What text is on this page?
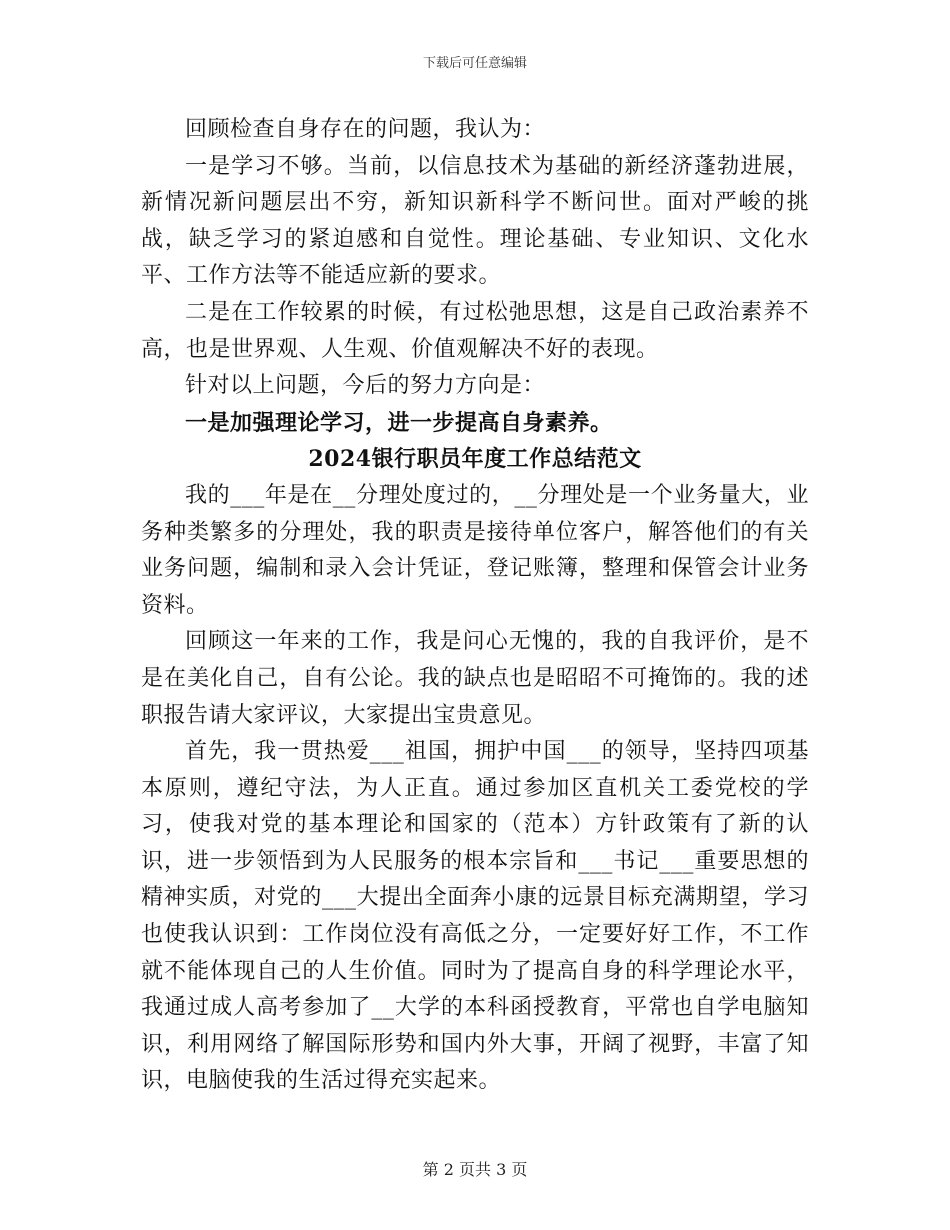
下载后可任意编辑

回顾检查自身存在的问题，我认为：

一是学习不够。当前，以信息技术为基础的新经济蓬勃进展，新情况新问题层出不穷，新知识新科学不断问世。面对严峻的挑战，缺乏学习的紧迫感和自觉性。理论基础、专业知识、文化水平、工作方法等不能适应新的要求。

二是在工作较累的时候，有过松弛思想，这是自己政治素养不高，也是世界观、人生观、价值观解决不好的表现。

针对以上问题，今后的努力方向是：

一是加强理论学习，进一步提高自身素养。

2024银行职员年度工作总结范文

我的___年是在__分理处度过的，__分理处是一个业务量大，业务种类繁多的分理处，我的职责是接待单位客户，解答他们的有关业务问题，编制和录入会计凭证，登记账簿，整理和保管会计业务资料。

回顾这一年来的工作，我是问心无愧的，我的自我评价，是不是在美化自己，自有公论。我的缺点也是昭昭不可掩饰的。我的述职报告请大家评议，大家提出宝贵意见。

首先，我一贯热爱___祖国，拥护中国___的领导，坚持四项基本原则，遵纪守法，为人正直。通过参加区直机关工委党校的学习，使我对党的基本理论和国家的（范本）方针政策有了新的认识，进一步领悟到为人民服务的根本宗旨和___书记___重要思想的精神实质，对党的___大提出全面奔小康的远景目标充满期望，学习也使我认识到：工作岗位没有高低之分，一定要好好工作，不工作就不能体现自己的人生价值。同时为了提高自身的科学理论水平，我通过成人高考参加了__大学的本科函授教育，平常也自学电脑知识，利用网络了解国际形势和国内外大事，开阔了视野，丰富了知识，电脑使我的生活过得充实起来。

第 2 页共 3 页
